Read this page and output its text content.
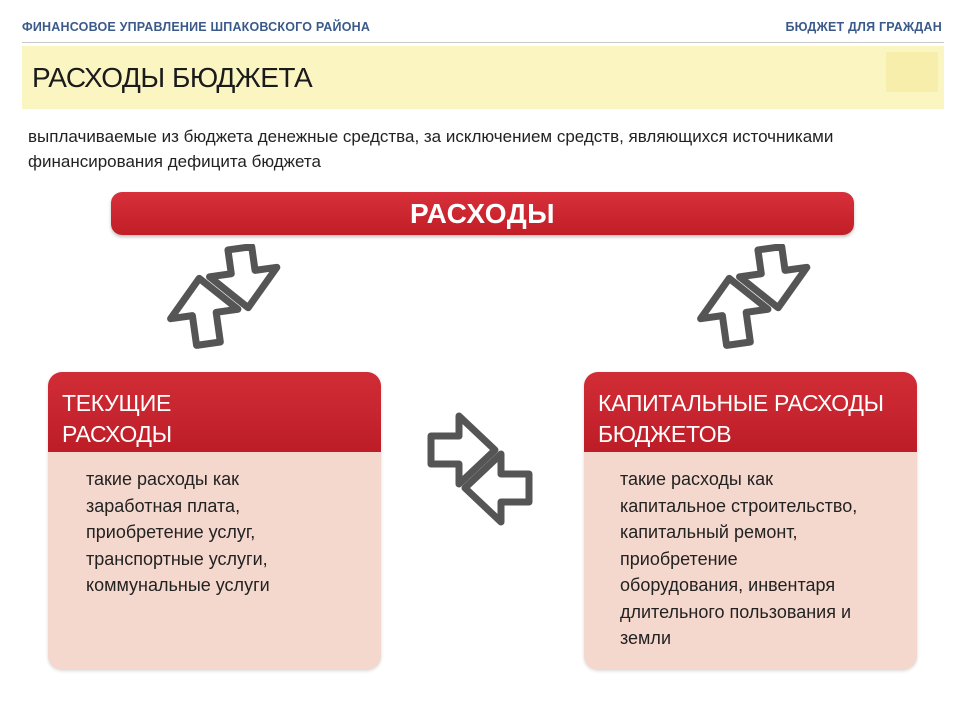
ФИНАНСОВОЕ УПРАВЛЕНИЕ ШПАКОВСКОГО РАЙОНА	БЮДЖЕТ ДЛЯ ГРАЖДАН
РАСХОДЫ БЮДЖЕТА
выплачиваемые из бюджета денежные средства, за исключением средств, являющихся источниками финансирования дефицита бюджета
РАСХОДЫ
ТЕКУЩИЕ
РАСХОДЫ
такие расходы как
заработная плата,
приобретение услуг,
транспортные услуги,
коммунальные услуги
КАПИТАЛЬНЫЕ РАСХОДЫ
БЮДЖЕТОВ
такие расходы как
капитальное строительство,
капитальный ремонт,
приобретение
оборудования, инвентаря
длительного пользования и
земли
